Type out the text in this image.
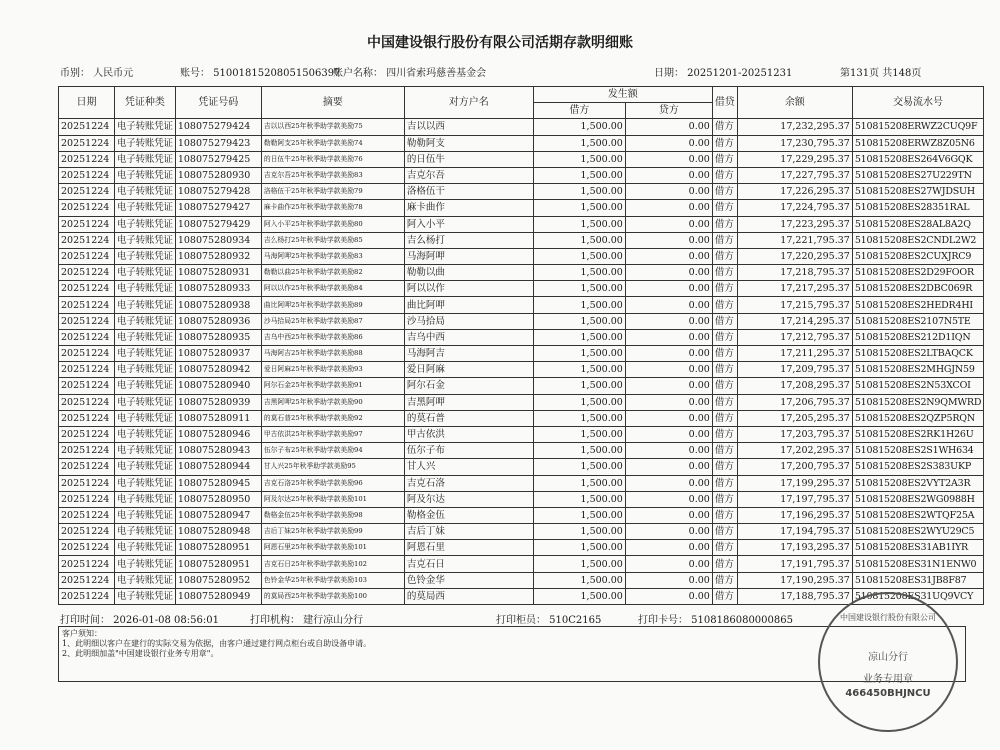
中国建设银行股份有限公司活期存款明细账
币别： 人民币元	账号： 51001815208051506397
账户名称： 四川省索玛慈善基金会	日期： 20251201-20251231	第131页 共148页
日期	凭证种类	凭证号码	摘要	对方户名	发生额		借贷	余额	交易流水号
					借方	贷方			
20251224	电子转账凭证	108075279424	吉以以西25年秋季助学款美励75	吉以以西	1,500.00	0.00	借方	17,232,295.37	510815208ERWZ2CUQ9F
20251224	电子转账凭证	108075279423	勒勒阿支25年秋季助学款美励74	勒勒阿支	1,500.00	0.00	借方	17,230,795.37	510815208ERWZ8Z05N6
20251224	电子转账凭证	108075279425	的日伍牛25年秋季助学款美励76	的日伍牛	1,500.00	0.00	借方	17,229,295.37	510815208ES264V6GQK
20251224	电子转账凭证	108075280930	吉克尔吾25年秋季助学款美励83	吉克尔吾	1,500.00	0.00	借方	17,227,795.37	510815208ES27U229TN
20251224	电子转账凭证	108075279428	洛格伍干25年秋季助学款美励79	洛格伍干	1,500.00	0.00	借方	17,226,295.37	510815208ES27WJDSUH
20251224	电子转账凭证	108075279427	麻卡曲作25年秋季助学款美励78	麻卡曲作	1,500.00	0.00	借方	17,224,795.37	510815208ES28351RAL
20251224	电子转账凭证	108075279429	阿入小平25年秋季助学款美励80	阿入小平	1,500.00	0.00	借方	17,223,295.37	510815208ES28AL8A2Q
20251224	电子转账凭证	108075280934	吉么杨打25年秋季助学款美励85	吉么杨打	1,500.00	0.00	借方	17,221,795.37	510815208ES2CNDL2W2
20251224	电子转账凭证	108075280932	马海阿呷25年秋季助学款美励83	马海阿呷	1,500.00	0.00	借方	17,220,295.37	510815208ES2CUXJRC9
20251224	电子转账凭证	108075280931	勒勒以曲25年秋季助学款美励82	勒勒以曲	1,500.00	0.00	借方	17,218,795.37	510815208ES2D29FOOR
20251224	电子转账凭证	108075280933	阿以以作25年秋季助学款美励84	阿以以作	1,500.00	0.00	借方	17,217,295.37	510815208ES2DBC069R
20251224	电子转账凭证	108075280938	曲比阿呷25年秋季助学款美励89	曲比阿呷	1,500.00	0.00	借方	17,215,795.37	510815208ES2HEDR4HI
20251224	电子转账凭证	108075280936	沙马拾局25年秋季助学款美励87	沙马拾局	1,500.00	0.00	借方	17,214,295.37	510815208ES2107N5TE
20251224	电子转账凭证	108075280935	吉乌中西25年秋季助学款美励86	吉乌中西	1,500.00	0.00	借方	17,212,795.37	510815208ES212D1IQN
20251224	电子转账凭证	108075280937	马海阿吉25年秋季助学款美励88	马海阿吉	1,500.00	0.00	借方	17,211,295.37	510815208ES2LTBAQCK
20251224	电子转账凭证	108075280942	爱日阿麻25年秋季助学款美励93	爱日阿麻	1,500.00	0.00	借方	17,209,795.37	510815208ES2MHGJN59
20251224	电子转账凭证	108075280940	阿尔石金25年秋季助学款美励91	阿尔石金	1,500.00	0.00	借方	17,208,295.37	510815208ES2N53XCOI
20251224	电子转账凭证	108075280939	吉黑阿呷25年秋季助学款美励90	吉黑阿呷	1,500.00	0.00	借方	17,206,795.37	510815208ES2N9QMWRD
20251224	电子转账凭证	108075280911	的莫石普25年秋季助学款美励92	的莫石普	1,500.00	0.00	借方	17,205,295.37	510815208ES2QZP5RQN
20251224	电子转账凭证	108075280946	甲古依洪25年秋季助学款美励97	甲古依洪	1,500.00	0.00	借方	17,203,795.37	510815208ES2RK1H26U
20251224	电子转账凭证	108075280943	伍尔子布25年秋季助学款美励94	伍尔子布	1,500.00	0.00	借方	17,202,295.37	510815208ES2S1WH634
20251224	电子转账凭证	108075280944	甘人兴25年秋季助学款美励95	甘人兴	1,500.00	0.00	借方	17,200,795.37	510815208ES2S383UKP
20251224	电子转账凭证	108075280945	吉克石洛25年秋季助学款美励96	吉克石洛	1,500.00	0.00	借方	17,199,295.37	510815208ES2VYT2A3R
20251224	电子转账凭证	108075280950	阿及尔达25年秋季助学款美励101	阿及尔达	1,500.00	0.00	借方	17,197,795.37	510815208ES2WG0988H
20251224	电子转账凭证	108075280947	勒格金伍25年秋季助学款美励98	勒格金伍	1,500.00	0.00	借方	17,196,295.37	510815208ES2WTQF25A
20251224	电子转账凭证	108075280948	吉后丁妹25年秋季助学款美励99	吉后丁妹	1,500.00	0.00	借方	17,194,795.37	510815208ES2WYU29C5
20251224	电子转账凭证	108075280951	阿恩石里25年秋季助学款美励101	阿恩石里	1,500.00	0.00	借方	17,193,295.37	510815208ES31AB1IYR
20251224	电子转账凭证	108075280951	吉克石日25年秋季助学款美励102	吉克石日	1,500.00	0.00	借方	17,191,795.37	510815208ES31N1ENW0
20251224	电子转账凭证	108075280952	色铃金华25年秋季助学款美励103	色铃金华	1,500.00	0.00	借方	17,190,295.37	510815208ES31JB8F87
20251224	电子转账凭证	108075280949	的莫局西25年秋季助学款美励100	的莫局西	1,500.00	0.00	借方	17,188,795.37	510815208ES31UQ9VCY
打印时间： 2026-01-08 08:56:01	打印机构： 建行凉山分行	打印柜员： 510C2165	打印卡号： 5108186080000865
客户须知：
1、此明细以客户在建行的实际交易为依据，由客户通过建行网点柜台或自助设备申请。
2、此明细加盖"中国建设银行业务专用章"。
中国建设银行股份有限公司
凉山分行
业务专用章
466450BHJNCU
